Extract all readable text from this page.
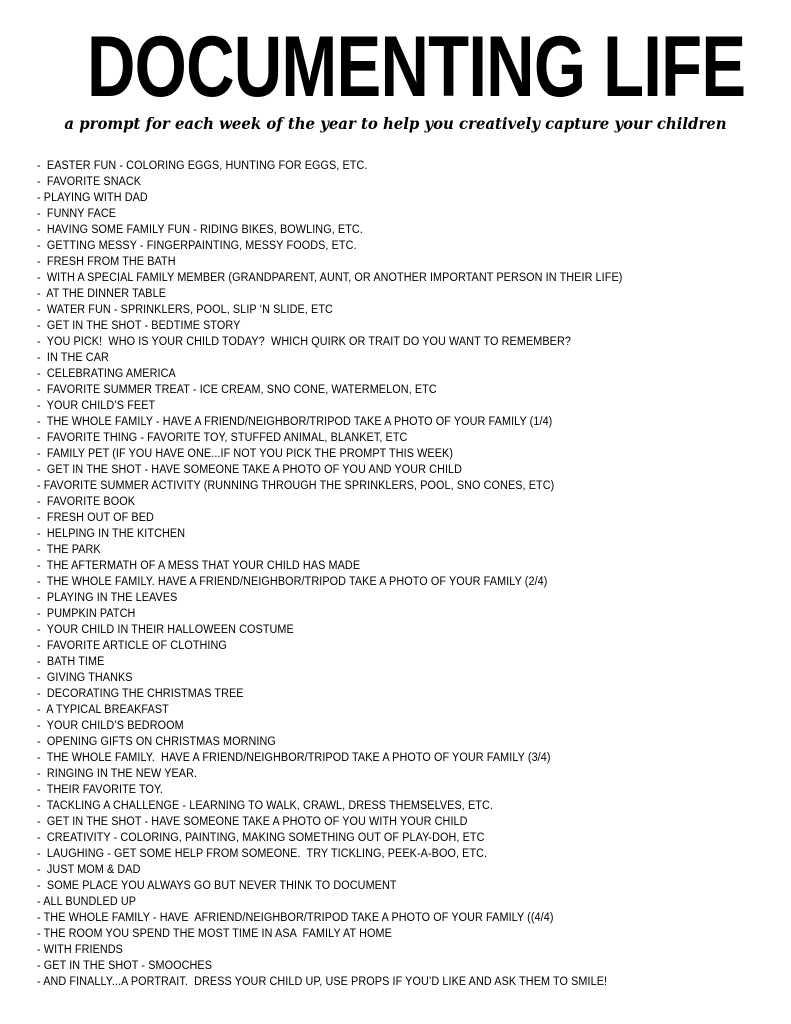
DOCUMENTING LIFE
a prompt for each week of the year to help you creatively capture your children
-  EASTER FUN - COLORING EGGS, HUNTING FOR EGGS, ETC.
-  FAVORITE SNACK
- PLAYING WITH DAD
-  FUNNY FACE
-  HAVING SOME FAMILY FUN - RIDING BIKES, BOWLING, ETC.
-  GETTING MESSY - FINGERPAINTING, MESSY FOODS, ETC.
-  FRESH FROM THE BATH
-  WITH A SPECIAL FAMILY MEMBER (GRANDPARENT, AUNT, OR ANOTHER IMPORTANT PERSON IN THEIR LIFE)
-  AT THE DINNER TABLE
-  WATER FUN - SPRINKLERS, POOL, SLIP ‘N SLIDE, ETC
-  GET IN THE SHOT - BEDTIME STORY
-  YOU PICK!  WHO IS YOUR CHILD TODAY?  WHICH QUIRK OR TRAIT DO YOU WANT TO REMEMBER?
-  IN THE CAR
-  CELEBRATING AMERICA
-  FAVORITE SUMMER TREAT - ICE CREAM, SNO CONE, WATERMELON, ETC
-  YOUR CHILD’S FEET
-  THE WHOLE FAMILY - HAVE A FRIEND/NEIGHBOR/TRIPOD TAKE A PHOTO OF YOUR FAMILY (1/4)
-  FAVORITE THING - FAVORITE TOY, STUFFED ANIMAL, BLANKET, ETC
-  FAMILY PET (IF YOU HAVE ONE...IF NOT YOU PICK THE PROMPT THIS WEEK)
-  GET IN THE SHOT - HAVE SOMEONE TAKE A PHOTO OF YOU AND YOUR CHILD
- FAVORITE SUMMER ACTIVITY (RUNNING THROUGH THE SPRINKLERS, POOL, SNO CONES, ETC)
-  FAVORITE BOOK
-  FRESH OUT OF BED
-  HELPING IN THE KITCHEN
-  THE PARK
-  THE AFTERMATH OF A MESS THAT YOUR CHILD HAS MADE
-  THE WHOLE FAMILY. HAVE A FRIEND/NEIGHBOR/TRIPOD TAKE A PHOTO OF YOUR FAMILY (2/4)
-  PLAYING IN THE LEAVES
-  PUMPKIN PATCH
-  YOUR CHILD IN THEIR HALLOWEEN COSTUME
-  FAVORITE ARTICLE OF CLOTHING
-  BATH TIME
-  GIVING THANKS
-  DECORATING THE CHRISTMAS TREE
-  A TYPICAL BREAKFAST
-  YOUR CHILD’S BEDROOM
-  OPENING GIFTS ON CHRISTMAS MORNING
-  THE WHOLE FAMILY.  HAVE A FRIEND/NEIGHBOR/TRIPOD TAKE A PHOTO OF YOUR FAMILY (3/4)
-  RINGING IN THE NEW YEAR.
-  THEIR FAVORITE TOY.
-  TACKLING A CHALLENGE - LEARNING TO WALK, CRAWL, DRESS THEMSELVES, ETC.
-  GET IN THE SHOT - HAVE SOMEONE TAKE A PHOTO OF YOU WITH YOUR CHILD
-  CREATIVITY - COLORING, PAINTING, MAKING SOMETHING OUT OF PLAY-DOH, ETC
-  LAUGHING - GET SOME HELP FROM SOMEONE.  TRY TICKLING, PEEK-A-BOO, ETC.
-  JUST MOM & DAD
-  SOME PLACE YOU ALWAYS GO BUT NEVER THINK TO DOCUMENT
- ALL BUNDLED UP
- THE WHOLE FAMILY - HAVE  AFRIEND/NEIGHBOR/TRIPOD TAKE A PHOTO OF YOUR FAMILY ((4/4)
- THE ROOM YOU SPEND THE MOST TIME IN ASA  FAMILY AT HOME
- WITH FRIENDS
- GET IN THE SHOT - SMOOCHES
- AND FINALLY...A PORTRAIT.  DRESS YOUR CHILD UP, USE PROPS IF YOU’D LIKE AND ASK THEM TO SMILE!
